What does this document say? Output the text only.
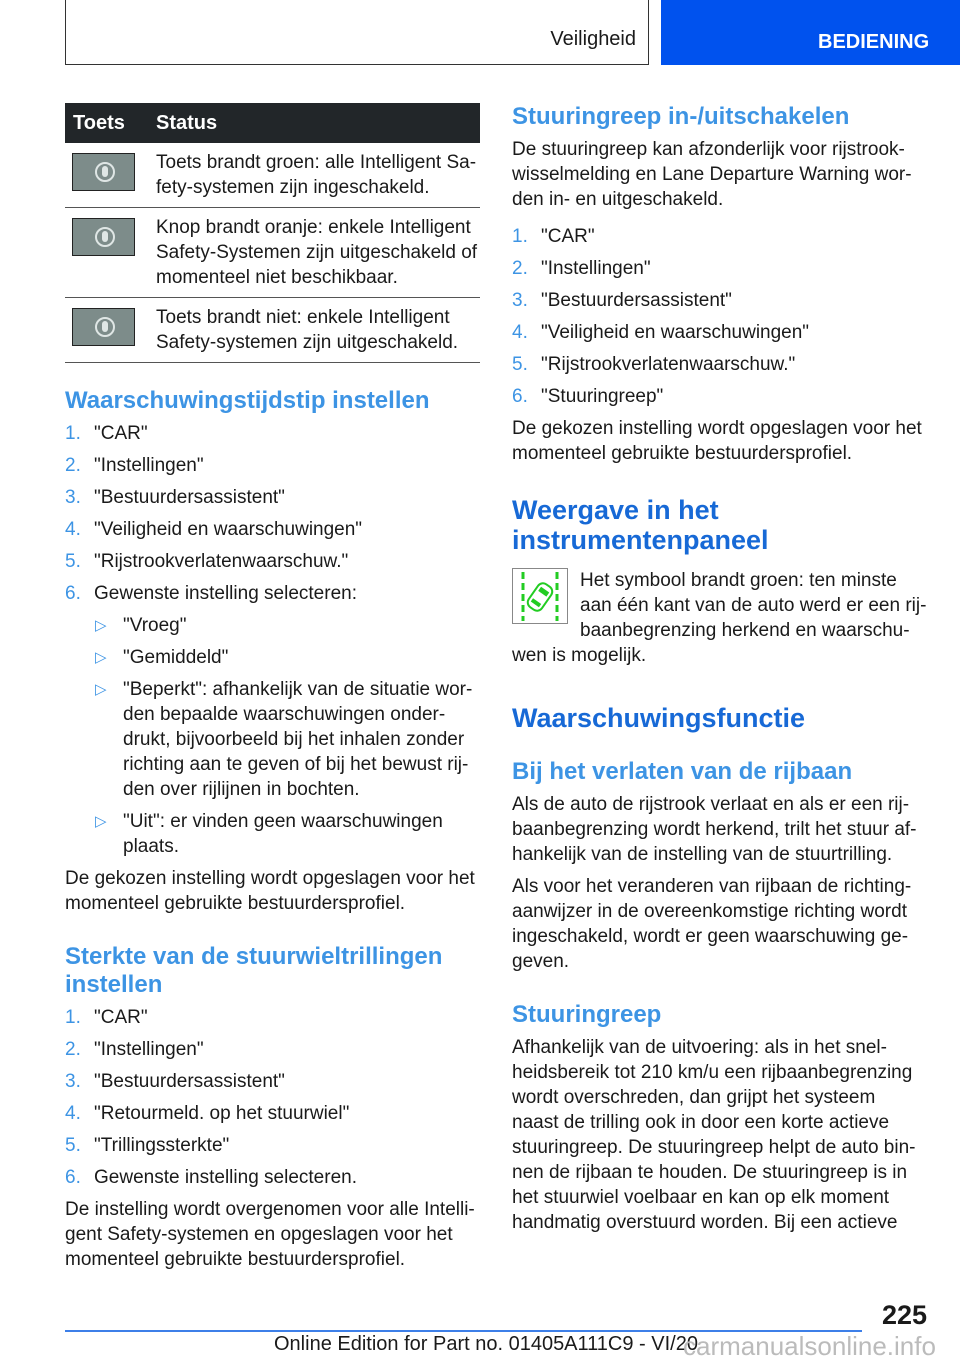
Veiligheid	BEDIENING
Toets	Status

	Toets brandt groen: alle Intelligent Sa-fety-systemen zijn ingeschakeld.

	Knop brandt oranje: enkele Intelligent Safety-Systemen zijn uitgeschakeld of momenteel niet beschikbaar.

	Toets brandt niet: enkele Intelligent Safety-systemen zijn uitgeschakeld.
Waarschuwingstijdstip instellen
1. "CAR"
2. "Instellingen"
3. "Bestuurdersassistent"
4. "Veiligheid en waarschuwingen"
5. "Rijstrookverlatenwaarschuw."
6. Gewenste instelling selecteren:
▷ "Vroeg"
▷ "Gemiddeld"
▷ "Beperkt": afhankelijk van de situatie wor-den bepaalde waarschuwingen onder-drukt, bijvoorbeeld bij het inhalen zonder richting aan te geven of bij het bewust rij-den over rijlijnen in bochten.
▷ "Uit": er vinden geen waarschuwingen plaats.

De gekozen instelling wordt opgeslagen voor het momenteel gebruikte bestuurdersprofiel.

Sterkte van de stuurwieltrillingen instellen
1. "CAR"
2. "Instellingen"
3. "Bestuurdersassistent"
4. "Retourmeld. op het stuurwiel"
5. "Trillingssterkte"
6. Gewenste instelling selecteren.

De instelling wordt overgenomen voor alle Intelli-gent Safety-systemen en opgeslagen voor het momenteel gebruikte bestuurdersprofiel.

Stuuringreep in-/uitschakelen

De stuuringreep kan afzonderlijk voor rijstrook-wisselmelding en Lane Departure Warning wor-den in- en uitgeschakeld.

1. "CAR"
2. "Instellingen"
3. "Bestuurdersassistent"
4. "Veiligheid en waarschuwingen"
5. "Rijstrookverlatenwaarschuw."
6. "Stuuringreep"

De gekozen instelling wordt opgeslagen voor het momenteel gebruikte bestuurdersprofiel.

Weergave in het instrumentenpaneel

Het symbool brandt groen: ten minste aan één kant van de auto werd er een rij-baanbegrenzing herkend en waarschu-wen is mogelijk.

Waarschuwingsfunctie
Bij het verlaten van de rijbaan

Als de auto de rijstrook verlaat en als er een rij-baanbegrenzing wordt herkend, trilt het stuur af-hankelijk van de instelling van de stuurtrilling.

Als voor het veranderen van rijbaan de richting-aanwijzer in de overeenkomstige richting wordt ingeschakeld, wordt er geen waarschuwing ge-geven.

Stuuringreep

Afhankelijk van de uitvoering: als in het snel-heidsbereik tot 210 km/u een rijbaanbegrenzing wordt overschreden, dan grijpt het systeem naast de trilling ook in door een korte actieve stuuringreep. De stuuringreep helpt de auto bin-nen de rijbaan te houden. De stuuringreep is in het stuurwiel voelbaar en kan op elk moment handmatig overstuurd worden. Bij een actieve

225
Online Edition for Part no. 01405A111C9 - VI/20
carmanualsonline.info
